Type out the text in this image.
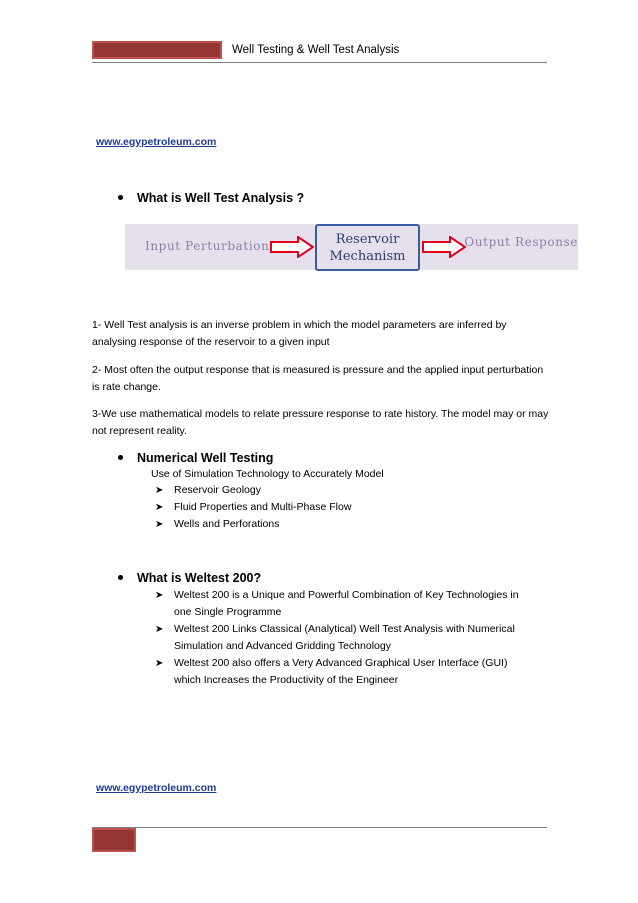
Well Testing & Well Test Analysis
www.egypetroleum.com
What is Well Test Analysis ?
Input Perturbation	Reservoir
Mechanism
Output Response
1- Well Test analysis is an inverse problem in which the model parameters are inferred by analysing response of the reservoir to a given input
2- Most often the output response that is measured is pressure and the applied input perturbation is rate change.
3-We use mathematical models to relate pressure response to rate history. The model may or may not represent reality.
Numerical Well Testing
Use of Simulation Technology to Accurately Model
➤	Reservoir Geology
➤	Fluid Properties and Multi-Phase Flow
➤	Wells and Perforations
What is Weltest 200?
➤	Weltest 200 is a Unique and Powerful Combination of Key Technologies in one Single Programme
➤	Weltest 200 Links Classical (Analytical) Well Test Analysis with Numerical Simulation and Advanced Gridding Technology
➤	Weltest 200 also offers a Very Advanced Graphical User Interface (GUI) which Increases the Productivity of the Engineer
www.egypetroleum.com
